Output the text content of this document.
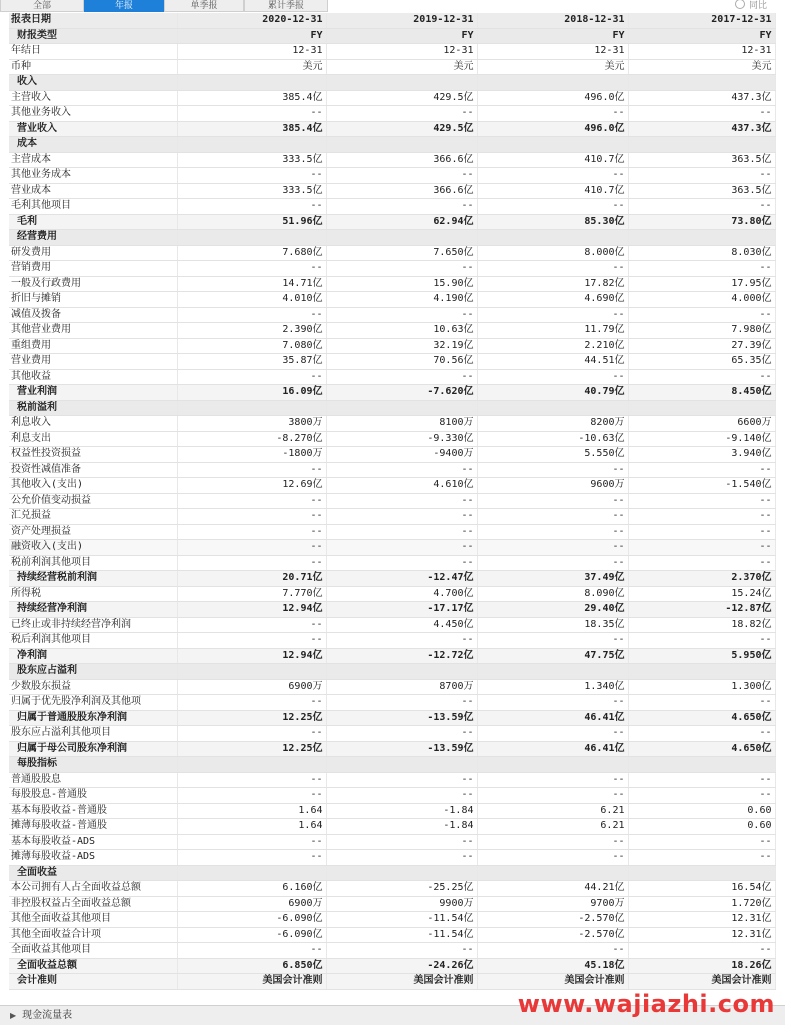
全部	年报	单季报	累计季报	同比
报表日期	2020-12-31	2019-12-31	2018-12-31	2017-12-31
财报类型	FY	FY	FY	FY
年结日	12-31	12-31	12-31	12-31
币种	美元	美元	美元	美元
收入				
主营收入	385.4亿	429.5亿	496.0亿	437.3亿
其他业务收入	--	--	--	--
营业收入	385.4亿	429.5亿	496.0亿	437.3亿
成本				
主营成本	333.5亿	366.6亿	410.7亿	363.5亿
其他业务成本	--	--	--	--
营业成本	333.5亿	366.6亿	410.7亿	363.5亿
毛利其他项目	--	--	--	--
毛利	51.96亿	62.94亿	85.30亿	73.80亿
经营费用				
研发费用	7.680亿	7.650亿	8.000亿	8.030亿
营销费用	--	--	--	--
一般及行政费用	14.71亿	15.90亿	17.82亿	17.95亿
折旧与摊销	4.010亿	4.190亿	4.690亿	4.000亿
减值及拨备	--	--	--	--
其他营业费用	2.390亿	10.63亿	11.79亿	7.980亿
重组费用	7.080亿	32.19亿	2.210亿	27.39亿
营业费用	35.87亿	70.56亿	44.51亿	65.35亿
其他收益	--	--	--	--
营业利润	16.09亿	-7.620亿	40.79亿	8.450亿
税前溢利				
利息收入	3800万	8100万	8200万	6600万
利息支出	-8.270亿	-9.330亿	-10.63亿	-9.140亿
权益性投资损益	-1800万	-9400万	5.550亿	3.940亿
投资性减值准备	--	--	--	--
其他收入(支出)	12.69亿	4.610亿	9600万	-1.540亿
公允价值变动损益	--	--	--	--
汇兑损益	--	--	--	--
资产处理损益	--	--	--	--
融资收入(支出)	--	--	--	--
税前利润其他项目	--	--	--	--
持续经营税前利润	20.71亿	-12.47亿	37.49亿	2.370亿
所得税	7.770亿	4.700亿	8.090亿	15.24亿
持续经营净利润	12.94亿	-17.17亿	29.40亿	-12.87亿
已终止或非持续经营净利润	--	4.450亿	18.35亿	18.82亿
税后利润其他项目	--	--	--	--
净利润	12.94亿	-12.72亿	47.75亿	5.950亿
股东应占溢利				
少数股东损益	6900万	8700万	1.340亿	1.300亿
归属于优先股净利润及其他项	--	--	--	--
归属于普通股股东净利润	12.25亿	-13.59亿	46.41亿	4.650亿
股东应占溢利其他项目	--	--	--	--
归属于母公司股东净利润	12.25亿	-13.59亿	46.41亿	4.650亿
每股指标				
普通股股息	--	--	--	--
每股股息-普通股	--	--	--	--
基本每股收益-普通股	1.64	-1.84	6.21	0.60
摊薄每股收益-普通股	1.64	-1.84	6.21	0.60
基本每股收益-ADS	--	--	--	--
摊薄每股收益-ADS	--	--	--	--
全面收益				
本公司拥有人占全面收益总额	6.160亿	-25.25亿	44.21亿	16.54亿
非控股权益占全面收益总额	6900万	9900万	9700万	1.720亿
其他全面收益其他项目	-6.090亿	-11.54亿	-2.570亿	12.31亿
其他全面收益合计项	-6.090亿	-11.54亿	-2.570亿	12.31亿
全面收益其他项目	--	--	--	--
全面收益总额	6.850亿	-24.26亿	45.18亿	18.26亿
会计准则	美国会计准则	美国会计准则	美国会计准则	美国会计准则
▶ 现金流量表	www.wajiazhi.com
